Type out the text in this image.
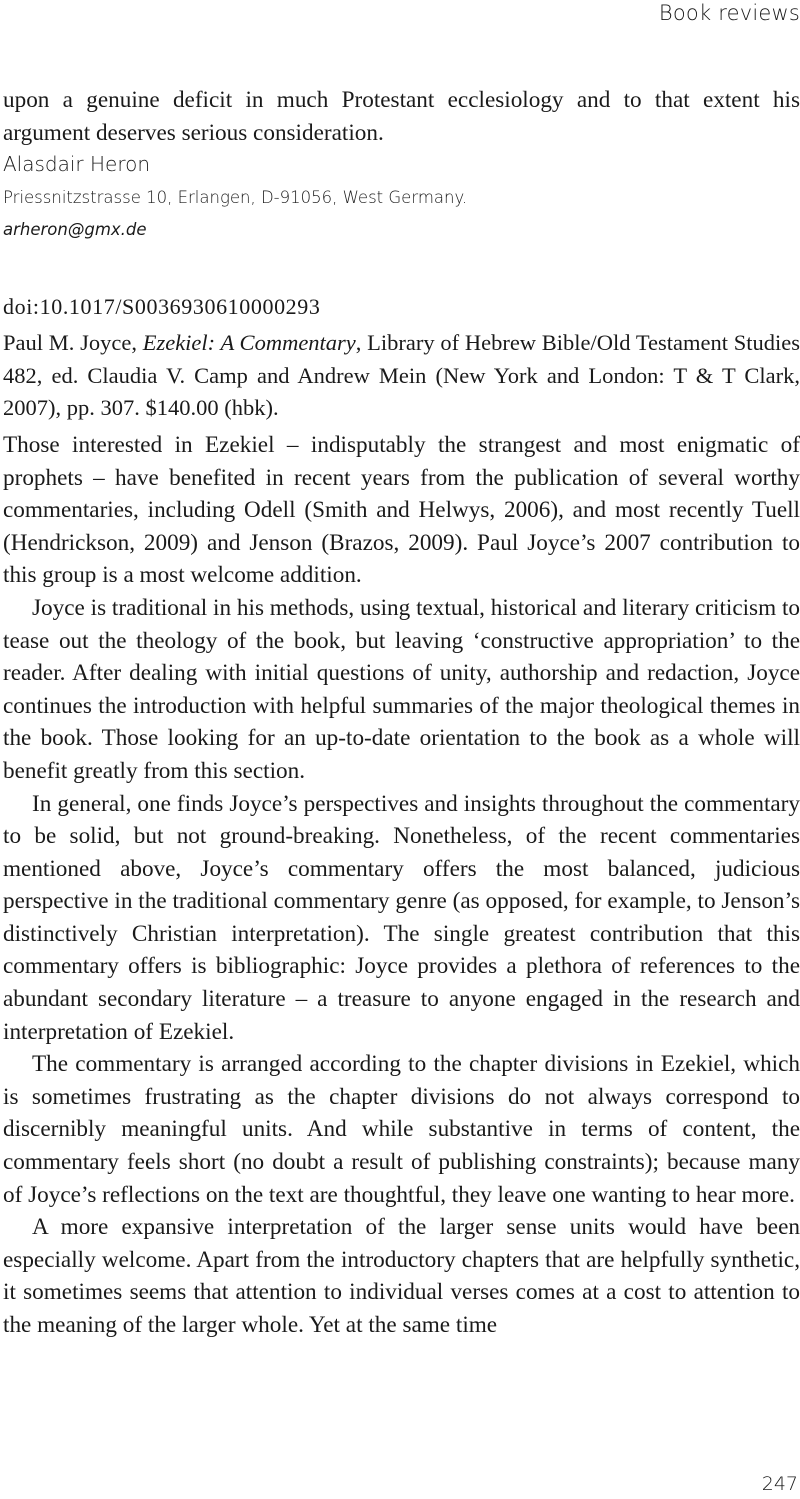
Book reviews

upon a genuine deficit in much Protestant ecclesiology and to that extent his argument deserves serious consideration.

Alasdair Heron

Priessnitzstrasse 10, Erlangen, D-91056, West Germany.

arheron@gmx.de

doi:10.1017/S0036930610000293

Paul M. Joyce, Ezekiel: A Commentary, Library of Hebrew Bible/Old Testament Studies 482, ed. Claudia V. Camp and Andrew Mein (New York and London: T & T Clark, 2007), pp. 307. $140.00 (hbk).

Those interested in Ezekiel – indisputably the strangest and most enigmatic of prophets – have benefited in recent years from the publication of several worthy commentaries, including Odell (Smith and Helwys, 2006), and most recently Tuell (Hendrickson, 2009) and Jenson (Brazos, 2009). Paul Joyce’s 2007 contribution to this group is a most welcome addition.

Joyce is traditional in his methods, using textual, historical and literary criticism to tease out the theology of the book, but leaving ‘constructive appropriation’ to the reader. After dealing with initial questions of unity, authorship and redaction, Joyce continues the introduction with helpful summaries of the major theological themes in the book. Those looking for an up-to-date orientation to the book as a whole will benefit greatly from this section.

In general, one finds Joyce’s perspectives and insights throughout the commentary to be solid, but not ground-breaking. Nonetheless, of the recent commentaries mentioned above, Joyce’s commentary offers the most balanced, judicious perspective in the traditional commentary genre (as opposed, for example, to Jenson’s distinctively Christian interpretation). The single greatest contribution that this commentary offers is bibliographic: Joyce provides a plethora of references to the abundant secondary literature – a treasure to anyone engaged in the research and interpretation of Ezekiel.

The commentary is arranged according to the chapter divisions in Ezekiel, which is sometimes frustrating as the chapter divisions do not always correspond to discernibly meaningful units. And while substantive in terms of content, the commentary feels short (no doubt a result of publishing constraints); because many of Joyce’s reflections on the text are thoughtful, they leave one wanting to hear more.

A more expansive interpretation of the larger sense units would have been especially welcome. Apart from the introductory chapters that are helpfully synthetic, it sometimes seems that attention to individual verses comes at a cost to attention to the meaning of the larger whole. Yet at the same time

247
